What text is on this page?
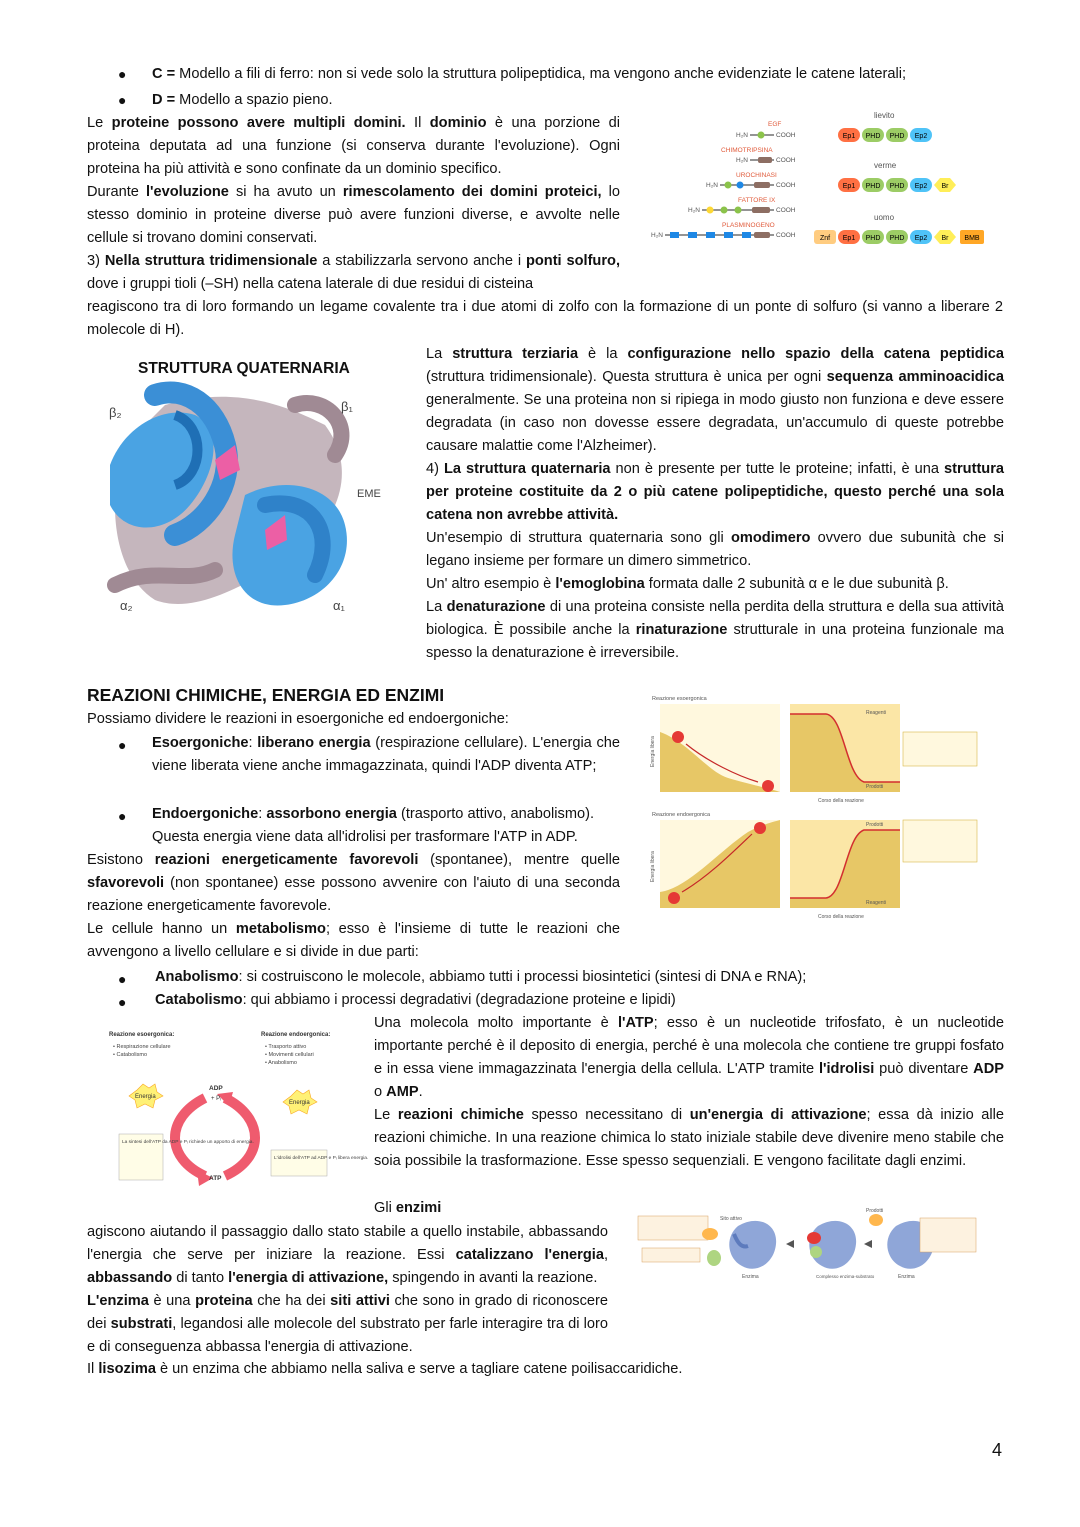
● C = Modello a fili di ferro: non si vede solo la struttura polipeptidica, ma vengono anche evidenziate le catene laterali;
● D = Modello a spazio pieno.

Le proteine possono avere multipli domini. Il dominio è una porzione di proteina deputata ad una funzione (si conserva durante l'evoluzione). Ogni proteina ha più attività e sono confinate da un dominio specifico.

Durante l'evoluzione si ha avuto un rimescolamento dei domini proteici, lo stesso dominio in proteine diverse può avere funzioni diverse, e avvolte nelle cellule si trovano domini conservati.

3) Nella struttura tridimensionale a stabilizzarla servono anche i ponti solfuro, dove i gruppi tioli (–SH) nella catena laterale di due residui di cisteina

reagiscono tra di loro formando un legame covalente tra i due atomi di zolfo con la formazione di un ponte di solfuro (si vanno a liberare 2 molecole di H).

EGF
H₂N	COOH
CHIMOTRIPSINA
H₂N	COOH
UROCHINASI
H₂N	COOH
FATTORE IX
H₂N	COOH
PLASMINOGENO
H₂N	COOH
lievito
Ep1 PHD PHD Ep2
verme
Ep1 PHD PHD Ep2 Br
uomo
Znf Ep1 PHD PHD Ep2 Br BMB
STRUTTURA QUATERNARIA
β₂	β₁
α₂	α₁
EME

La struttura terziaria è la configurazione nello spazio della catena peptidica (struttura tridimensionale). Questa struttura è unica per ogni sequenza amminoacidica generalmente. Se una proteina non si ripiega in modo giusto non funziona e deve essere degradata (in caso non dovesse essere degradata, un'accumulo di queste potrebbe causare malattie come l'Alzheimer).

4) La struttura quaternaria non è presente per tutte le proteine; infatti, è una struttura per proteine costituite da 2 o più catene polipeptidiche, questo perché una sola catena non avrebbe attività.

Un'esempio di struttura quaternaria sono gli omodimero ovvero due subunità che si legano insieme per formare un dimero simmetrico.

Un' altro esempio è l'emoglobina formata dalle 2 subunità α e le due subunità β.

La denaturazione di una proteina consiste nella perdita della struttura e della sua attività biologica. È possibile anche la rinaturazione strutturale in una proteina funzionale ma spesso la denaturazione è irreversibile.

REAZIONI CHIMICHE, ENERGIA ED ENZIMI

Possiamo dividere le reazioni in esoergoniche ed endoergoniche:

● Esoergoniche: liberano energia (respirazione cellulare). L'energia che viene liberata viene anche immagazzinata, quindi l'ADP diventa ATP;
● Endoergoniche: assorbono energia (trasporto attivo, anabolismo). Questa energia viene data all'idrolisi per trasformare l'ATP in ADP.

Esistono reazioni energeticamente favorevoli (spontanee), mentre quelle sfavorevoli (non spontanee) esse possono avvenire con l'aiuto di una seconda reazione energeticamente favorevole.

Le cellule hanno un metabolismo; esso è l'insieme di tutte le reazioni che avvengono a livello cellulare e si divide in due parti:

● Anabolismo: si costruiscono le molecole, abbiamo tutti i processi biosintetici (sintesi di DNA e RNA);
● Catabolismo: qui abbiamo i processi degradativi (degradazione proteine e lipidi)
Reazione esoergonica
Reagenti
Prodotti
Corso della reazione
Energia libera
Reazione endoergonica
Prodotti
Reagenti
Corso della reazione
Energia libera
Reazione esoergonica:
• Respirazione cellulare
• Catabolismo
Reazione endoergonica:
• Trasporto attivo
• Movimenti cellulari
• Anabolismo
Energia
Energia
ADP
+ Pᵢ
ATP
La sintesi dell'ATP da ADP e Pᵢ richiede un apporto di energia.
L'idrolisi dell'ATP ad ADP e Pᵢ libera energia.

Una molecola molto importante è l'ATP; esso è un nucleotide trifosfato, è un nucleotide importante perché è il deposito di energia, perché è una molecola che contiene tre gruppi fosfato e in essa viene immagazzinata l'energia della cellula. L'ATP tramite l'idrolisi può diventare ADP o AMP.

Le reazioni chimiche spesso necessitano di un'energia di attivazione; essa dà inizio alle reazioni chimiche. In una reazione chimica lo stato iniziale stabile deve divenire meno stabile che soia possibile la trasformazione. Esse spesso sequenziali. E vengono facilitate dagli enzimi.

Gli enzimi

agiscono aiutando il passaggio dallo stato stabile a quello instabile, abbassando l'energia che serve per iniziare la reazione. Essi catalizzano l'energia, abbassando di tanto l'energia di attivazione, spingendo in avanti la reazione.

L'enzima è una proteina che ha dei siti attivi che sono in grado di riconoscere dei substrati, legandosi alle molecole del substrato per farle interagire tra di loro e di conseguenza abbassa l'energia di attivazione.

Il lisozima è un enzima che abbiamo nella saliva e serve a tagliare catene poilisaccaridiche.
Sito attivo
Enzima	Complesso enzima-substrato
Prodotti
Enzima
4
